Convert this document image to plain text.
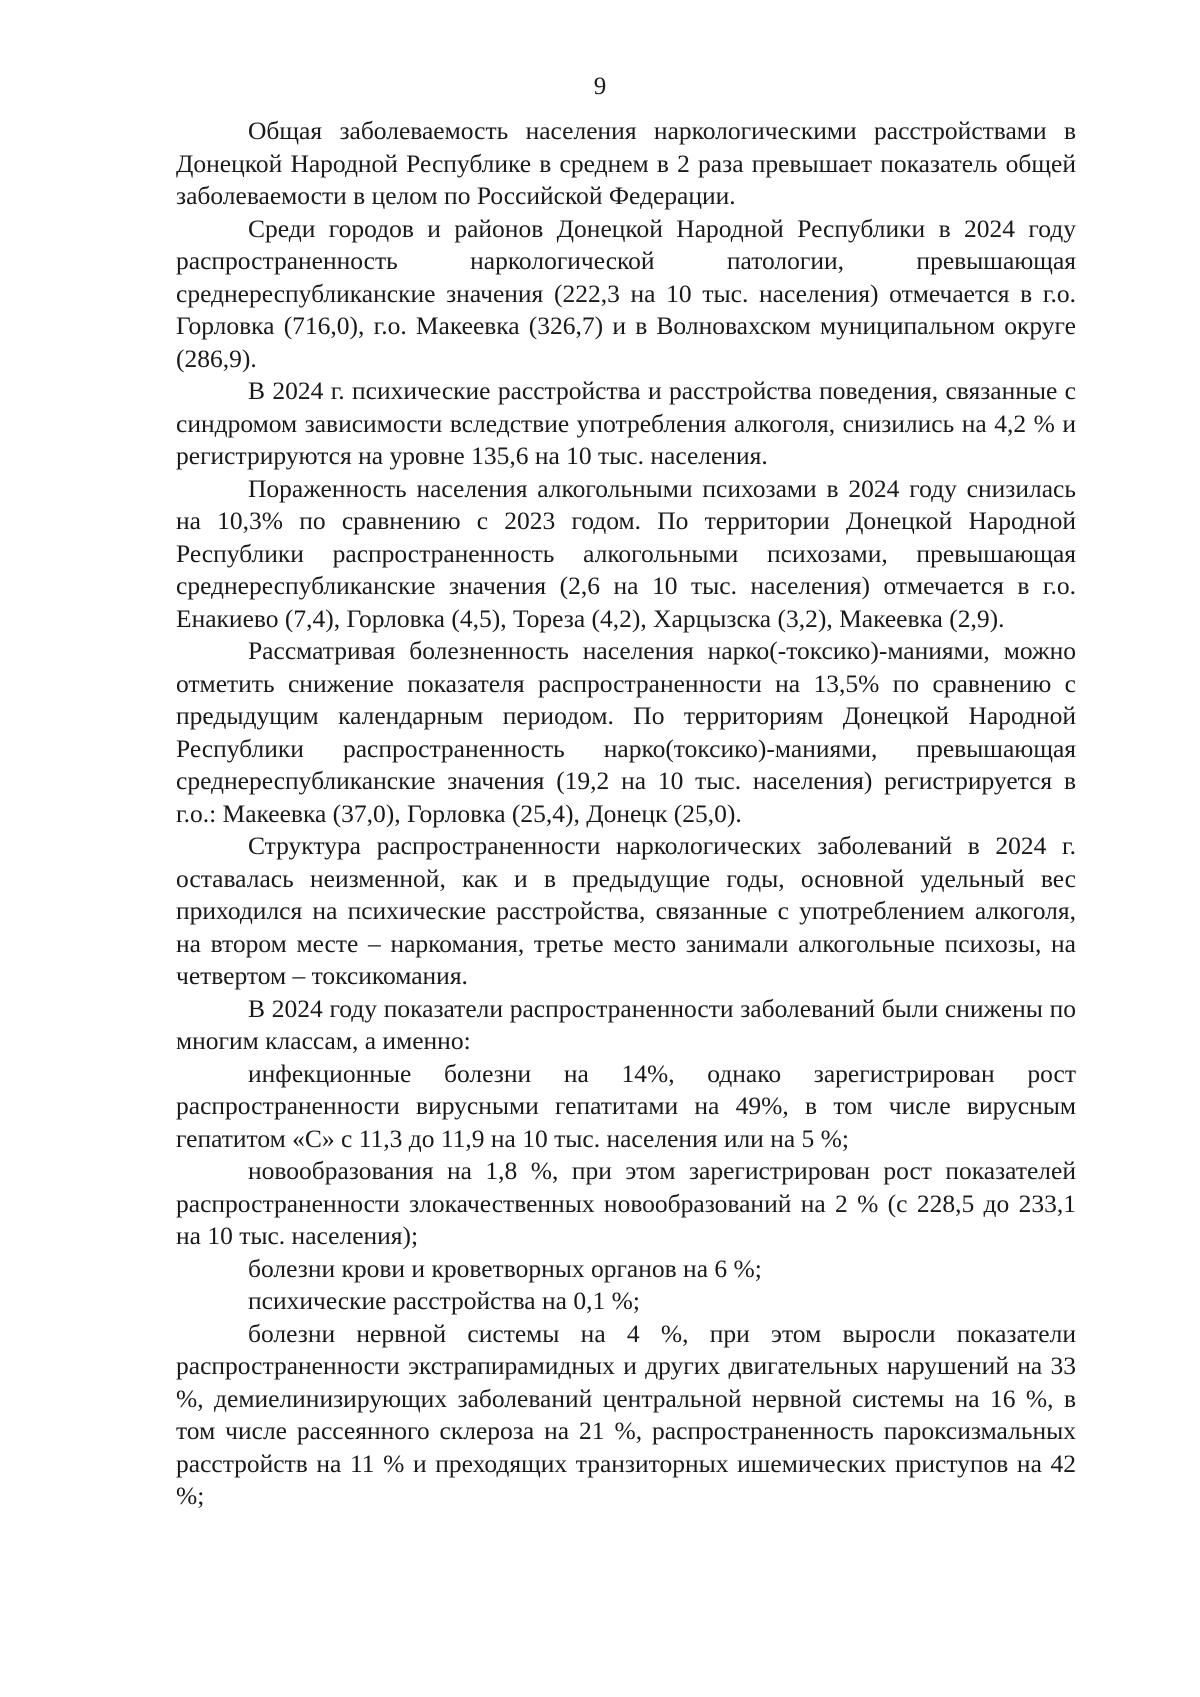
9

Общая заболеваемость населения наркологическими расстройствами в Донецкой Народной Республике в среднем в 2 раза превышает показатель общей заболеваемости в целом по Российской Федерации.

Среди городов и районов Донецкой Народной Республики в 2024 году распространенность наркологической патологии, превышающая среднереспубликанские значения (222,3 на 10 тыс. населения) отмечается в г.о. Горловка (716,0), г.о. Макеевка (326,7) и в Волновахском муниципальном округе (286,9).

В 2024 г. психические расстройства и расстройства поведения, связанные с синдромом зависимости вследствие употребления алкоголя, снизились на 4,2 % и регистрируются на уровне 135,6 на 10 тыс. населения.

Пораженность населения алкогольными психозами в 2024 году снизилась на 10,3% по сравнению с 2023 годом. По территории Донецкой Народной Республики распространенность алкогольными психозами, превышающая среднереспубликанские значения (2,6 на 10 тыс. населения) отмечается в г.о. Енакиево (7,4), Горловка (4,5), Тореза (4,2), Харцызска (3,2), Макеевка (2,9).

Рассматривая болезненность населения нарко(-токсико)-маниями, можно отметить снижение показателя распространенности на 13,5% по сравнению с предыдущим календарным периодом. По территориям Донецкой Народной Республики распространенность нарко(токсико)-маниями, превышающая среднереспубликанские значения (19,2 на 10 тыс. населения) регистрируется в г.о.: Макеевка (37,0), Горловка (25,4), Донецк (25,0).

Структура распространенности наркологических заболеваний в 2024 г. оставалась неизменной, как и в предыдущие годы, основной удельный вес приходился на психические расстройства, связанные с употреблением алкоголя, на втором месте – наркомания, третье место занимали алкогольные психозы, на четвертом – токсикомания.

В 2024 году показатели распространенности заболеваний были снижены по многим классам, а именно:

инфекционные болезни на 14%, однако зарегистрирован рост распространенности вирусными гепатитами на 49%, в том числе вирусным гепатитом «С» с 11,3 до 11,9 на 10 тыс. населения или на 5 %;

новообразования на 1,8 %, при этом зарегистрирован рост показателей распространенности злокачественных новообразований на 2 % (с 228,5 до 233,1 на 10 тыс. населения);

болезни крови и кроветворных органов на 6 %;

психические расстройства на 0,1 %;

болезни нервной системы на 4 %, при этом выросли показатели распространенности экстрапирамидных и других двигательных нарушений на 33 %, демиелинизирующих заболеваний центральной нервной системы на 16 %, в том числе рассеянного склероза на 21 %, распространенность пароксизмальных расстройств на 11 % и преходящих транзиторных ишемических приступов на 42 %;
